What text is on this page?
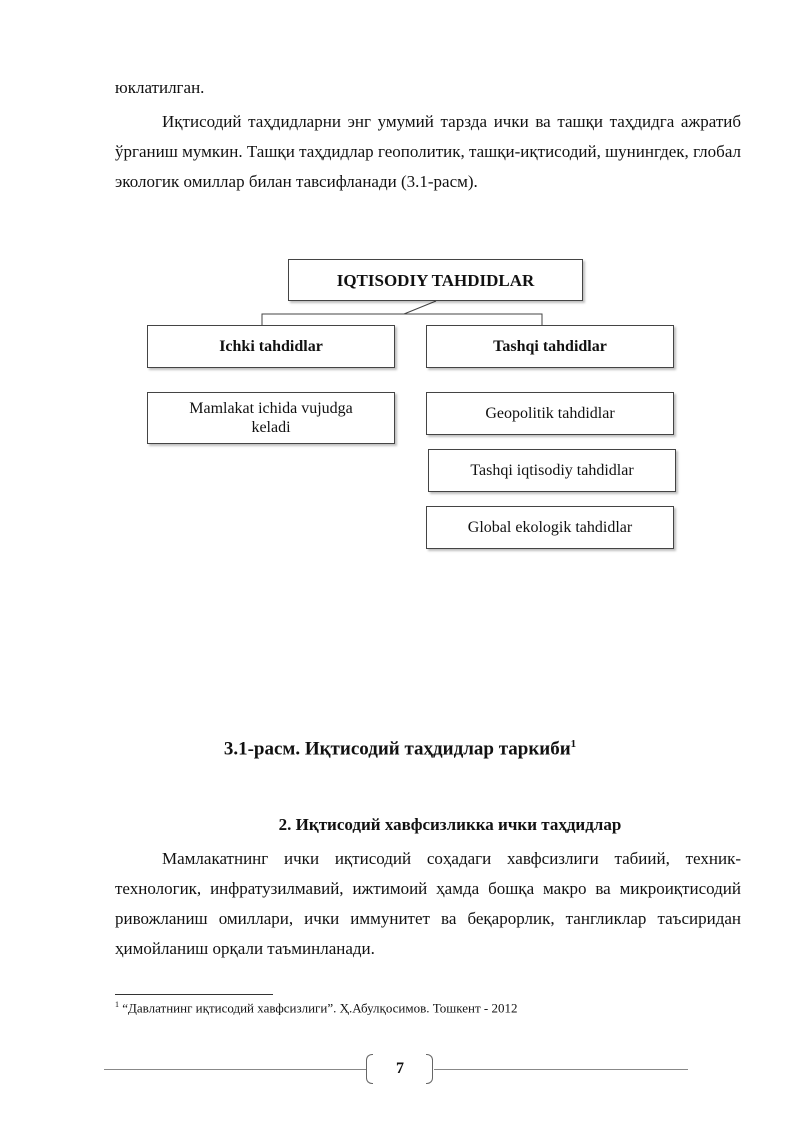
юклатилган.
Иқтисодий таҳдидларни энг умумий тарзда ички ва ташқи таҳдидга ажратиб ўрганиш мумкин. Ташқи таҳдидлар геополитик, ташқи-иқтисодий, шунингдек, глобал экологик омиллар билан тавсифланади (3.1-расм).
IQTISODIY TAHDIDLAR
Ichki tahdidlar	Tashqi tahdidlar
Mamlakat ichida vujudga keladi
Geopolitik tahdidlar
Tashqi iqtisodiy tahdidlar
Global ekologik tahdidlar
3.1-расм. Иқтисодий таҳдидлар таркиби$^1$
2. Иқтисодий хавфсизликка ички таҳдидлар
Мамлакатнинг ички иқтисодий соҳадаги хавфсизлиги табиий, техник-технологик, инфратузилмавий, ижтимоий ҳамда бошқа макро ва микроиқтисодий ривожланиш омиллари, ички иммунитет ва беқарорлик, тангликлар таъсиридан ҳимойланиш орқали таъминланади.
$^1$ “Давлатнинг иқтисодий хавфсизлиги”. Ҳ.Абулқосимов. Тошкент - 2012
7
